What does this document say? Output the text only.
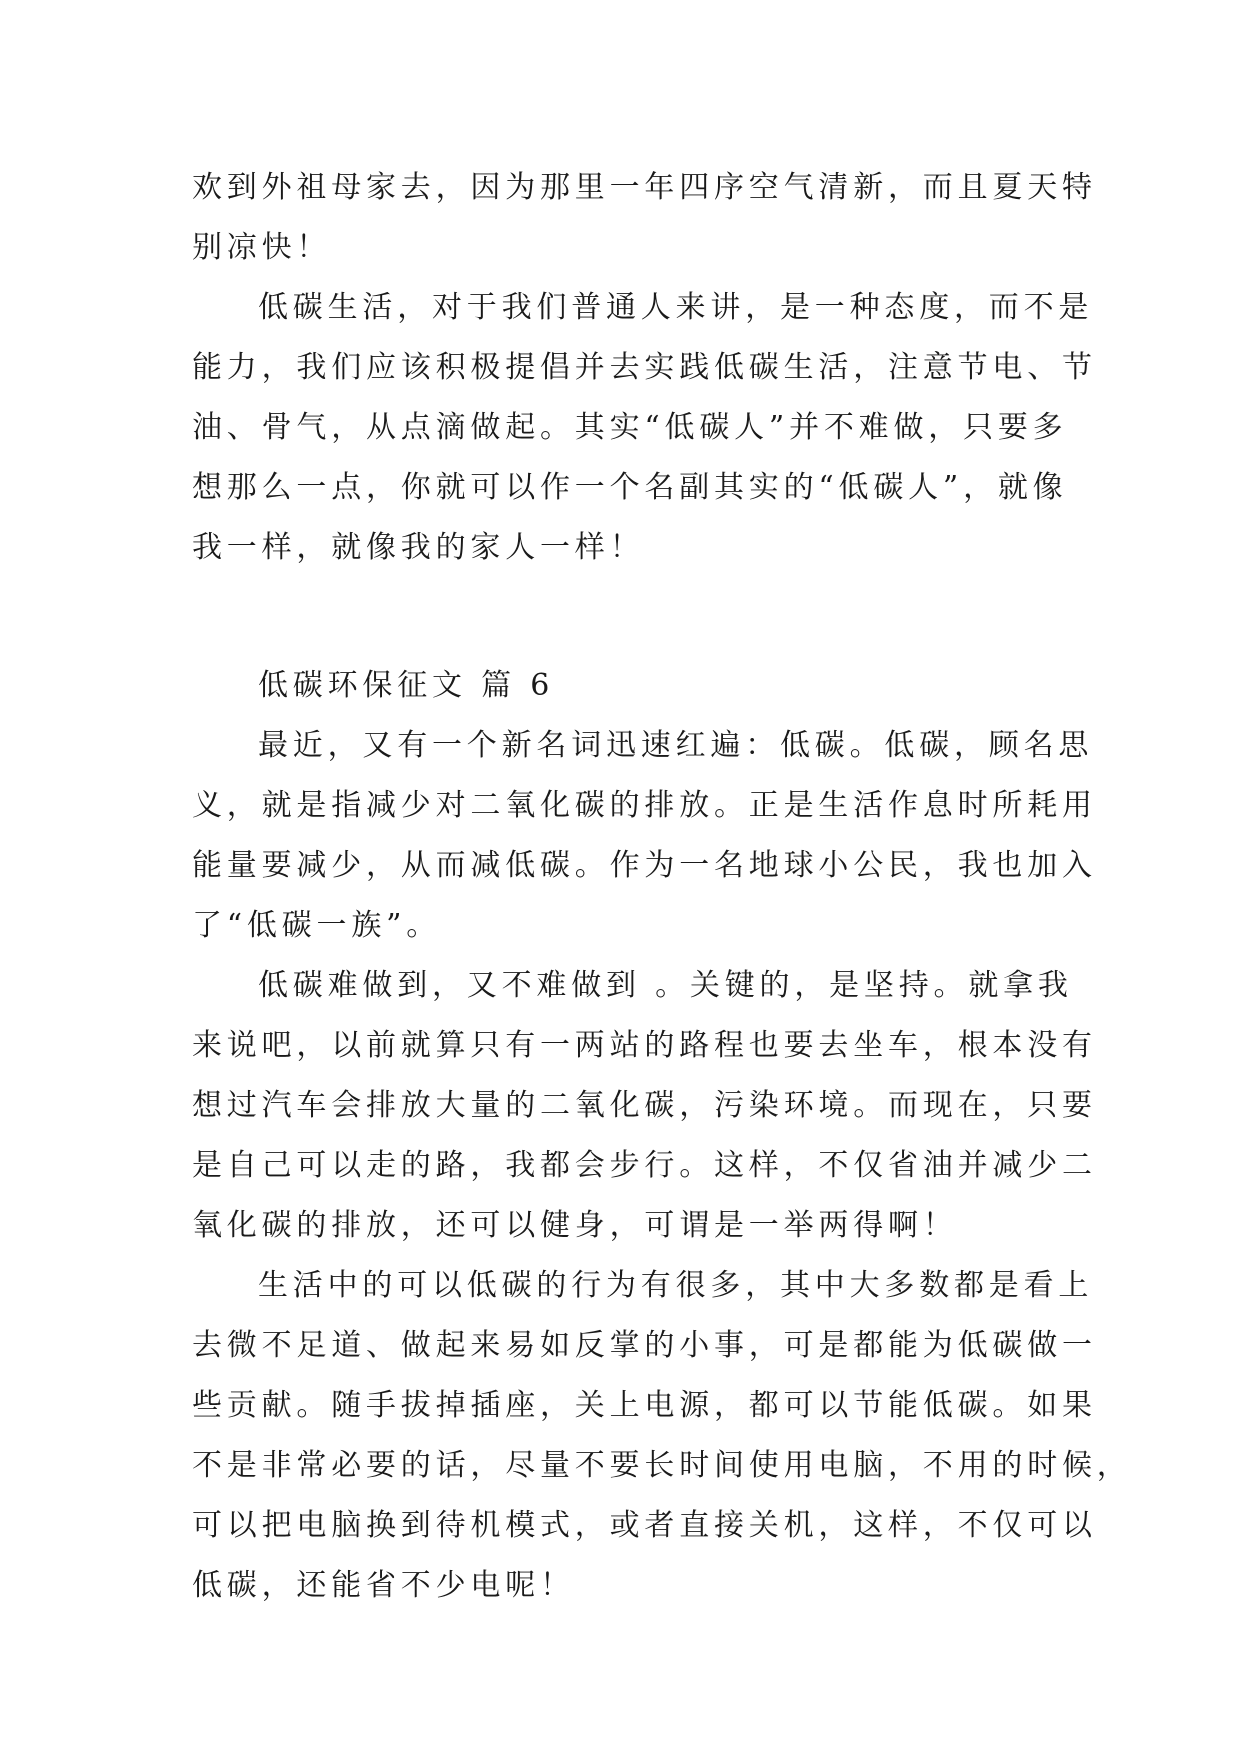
欢到外祖母家去，因为那里一年四序空气清新，而且夏天特
别凉快！
低碳生活，对于我们普通人来讲，是一种态度，而不是
能力，我们应该积极提倡并去实践低碳生活，注意节电、节
油、骨气，从点滴做起。其实“低碳人”并不难做，只要多
想那么一点，你就可以作一个名副其实的“低碳人”，就像
我一样，就像我的家人一样！
低碳环保征文 篇 6
最近，又有一个新名词迅速红遍：低碳。低碳，顾名思
义，就是指减少对二氧化碳的排放。正是生活作息时所耗用
能量要减少，从而减低碳。作为一名地球小公民，我也加入
了“低碳一族”。
低碳难做到，又不难做到 。关键的，是坚持。就拿我
来说吧，以前就算只有一两站的路程也要去坐车，根本没有
想过汽车会排放大量的二氧化碳，污染环境。而现在，只要
是自己可以走的路，我都会步行。这样，不仅省油并减少二
氧化碳的排放，还可以健身，可谓是一举两得啊！
生活中的可以低碳的行为有很多，其中大多数都是看上
去微不足道、做起来易如反掌的小事，可是都能为低碳做一
些贡献。随手拔掉插座，关上电源，都可以节能低碳。如果
不是非常必要的话，尽量不要长时间使用电脑，不用的时候，
可以把电脑换到待机模式，或者直接关机，这样，不仅可以
低碳，还能省不少电呢！
